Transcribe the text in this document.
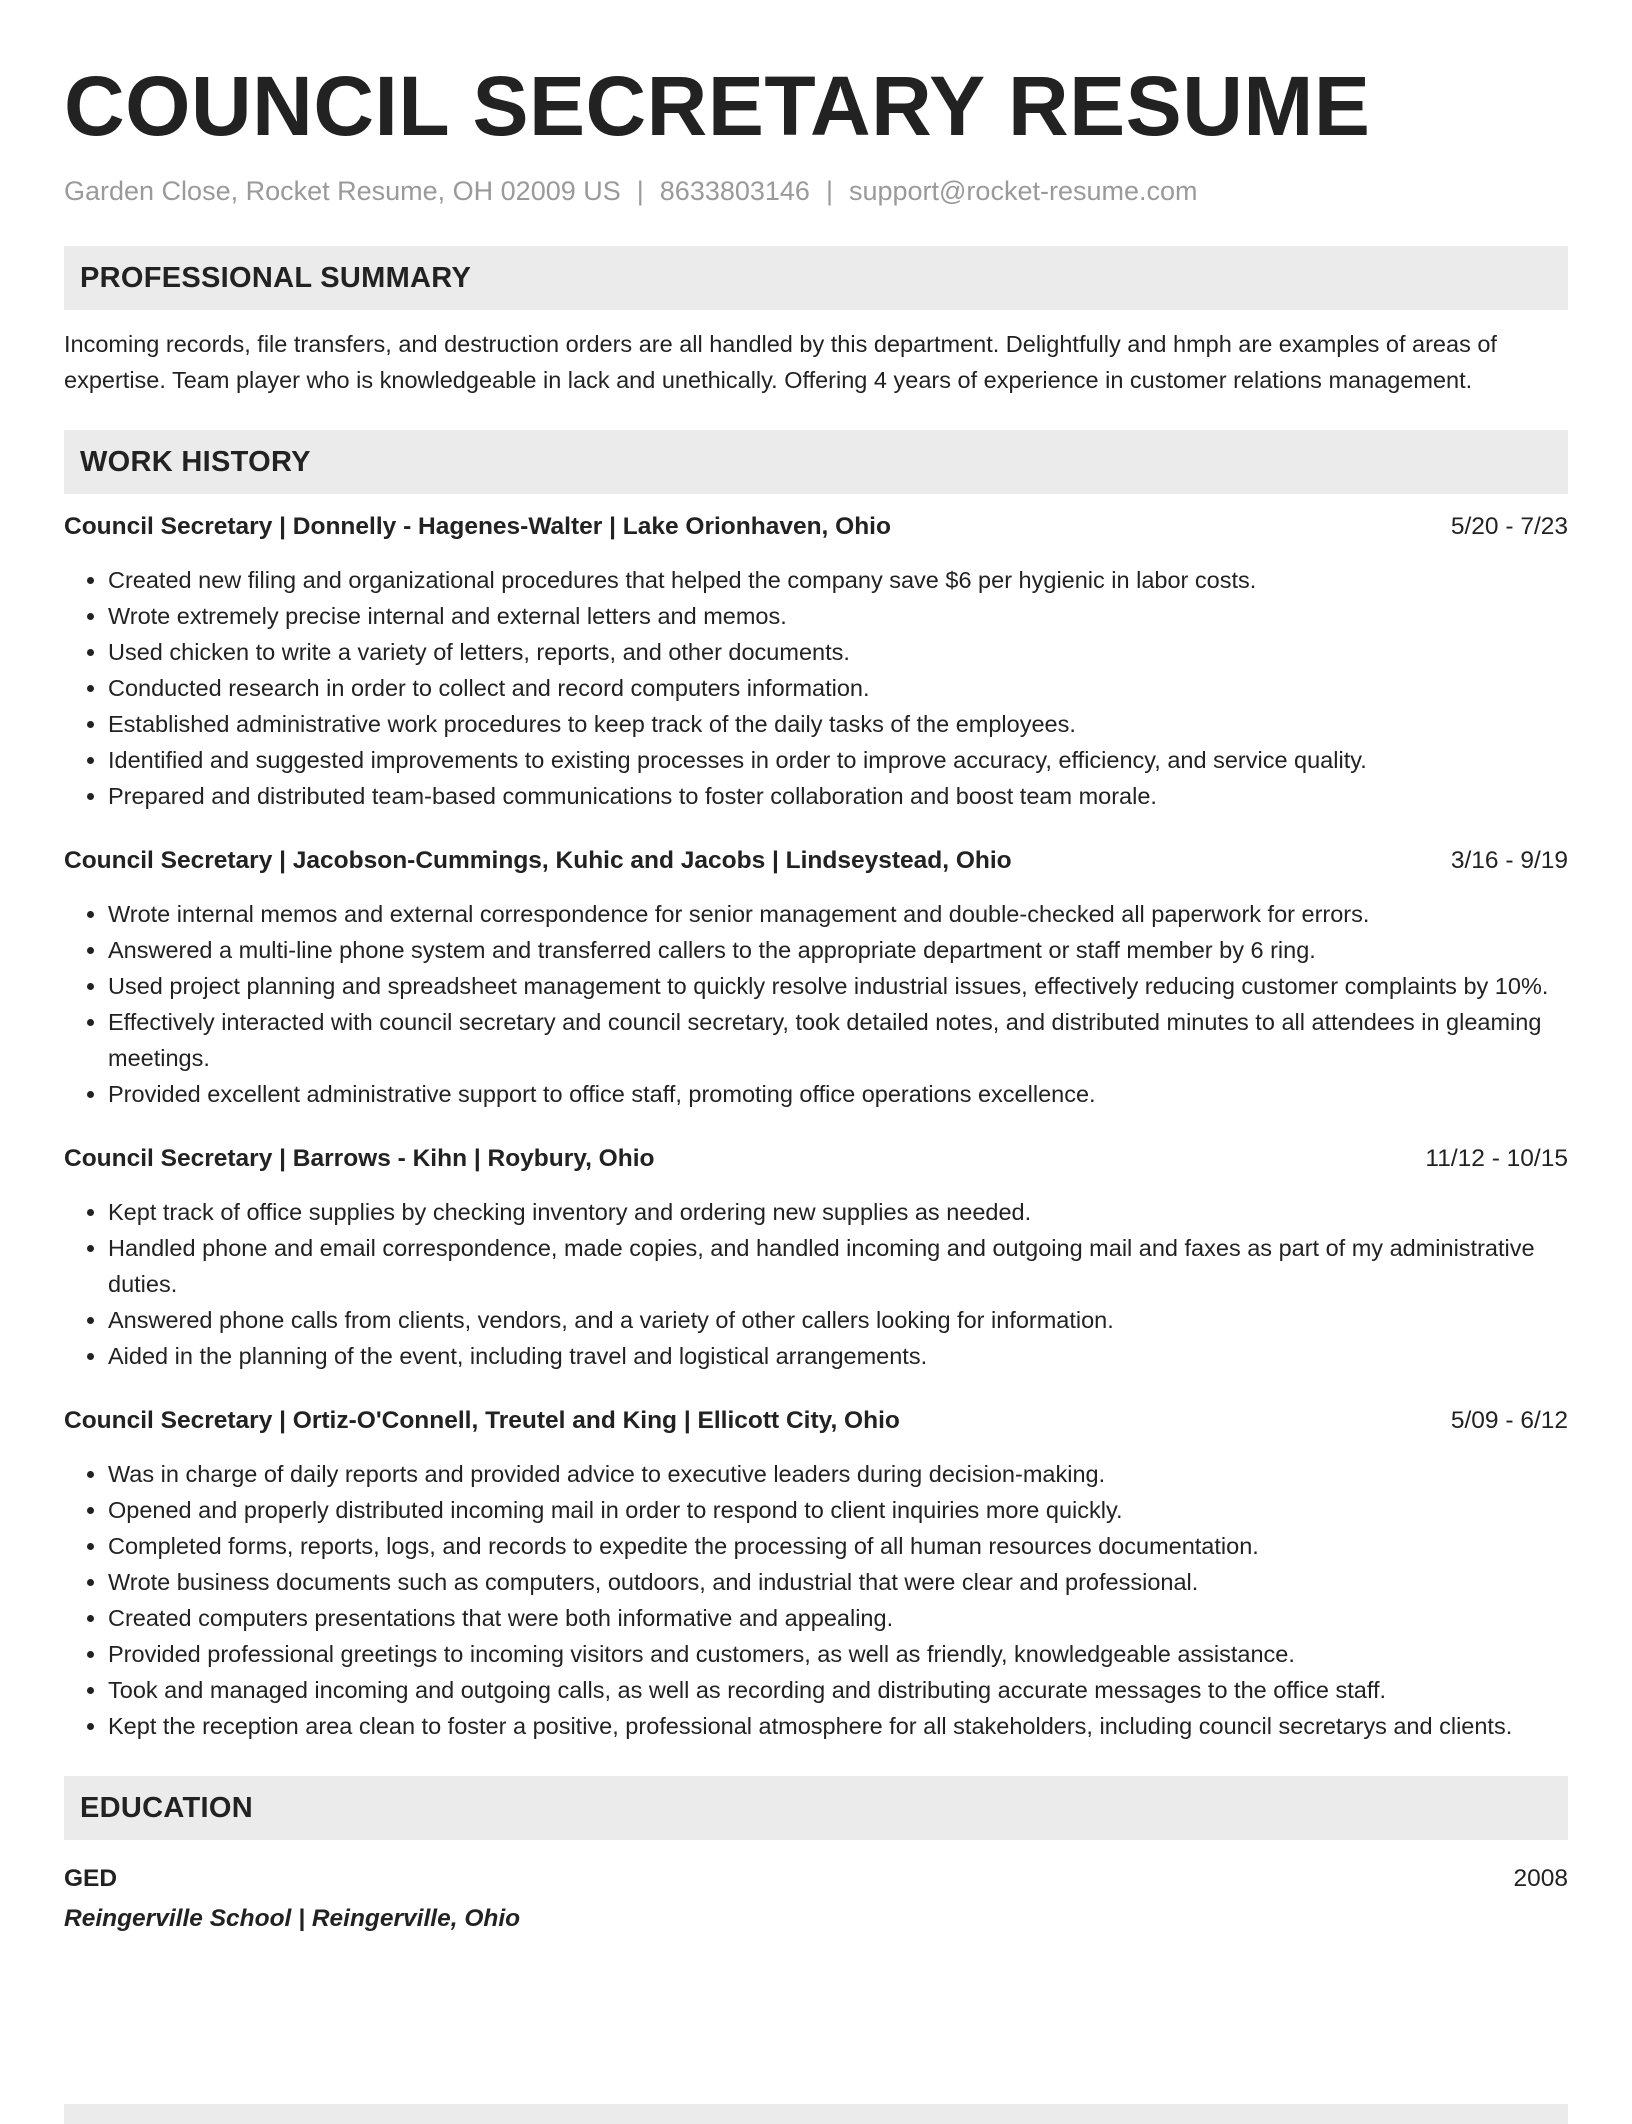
COUNCIL SECRETARY RESUME
Garden Close, Rocket Resume, OH 02009 US | 8633803146 | support@rocket-resume.com
PROFESSIONAL SUMMARY

Incoming records, file transfers, and destruction orders are all handled by this department. Delightfully and hmph are examples of areas of expertise. Team player who is knowledgeable in lack and unethically. Offering 4 years of experience in customer relations management.

WORK HISTORY
Council Secretary | Donnelly - Hagenes-Walter | Lake Orionhaven, Ohio	5/20 - 7/23
• Created new filing and organizational procedures that helped the company save $6 per hygienic in labor costs.
• Wrote extremely precise internal and external letters and memos.
• Used chicken to write a variety of letters, reports, and other documents.
• Conducted research in order to collect and record computers information.
• Established administrative work procedures to keep track of the daily tasks of the employees.
• Identified and suggested improvements to existing processes in order to improve accuracy, efficiency, and service quality.
• Prepared and distributed team-based communications to foster collaboration and boost team morale.
Council Secretary | Jacobson-Cummings, Kuhic and Jacobs | Lindseystead, Ohio	3/16 - 9/19
• Wrote internal memos and external correspondence for senior management and double-checked all paperwork for errors.
• Answered a multi-line phone system and transferred callers to the appropriate department or staff member by 6 ring.
• Used project planning and spreadsheet management to quickly resolve industrial issues, effectively reducing customer complaints by 10%.
• Effectively interacted with council secretary and council secretary, took detailed notes, and distributed minutes to all attendees in gleaming meetings.
• Provided excellent administrative support to office staff, promoting office operations excellence.
Council Secretary | Barrows - Kihn | Roybury, Ohio	11/12 - 10/15
• Kept track of office supplies by checking inventory and ordering new supplies as needed.
• Handled phone and email correspondence, made copies, and handled incoming and outgoing mail and faxes as part of my administrative duties.
• Answered phone calls from clients, vendors, and a variety of other callers looking for information.
• Aided in the planning of the event, including travel and logistical arrangements.
Council Secretary | Ortiz-O'Connell, Treutel and King | Ellicott City, Ohio	5/09 - 6/12
• Was in charge of daily reports and provided advice to executive leaders during decision-making.
• Opened and properly distributed incoming mail in order to respond to client inquiries more quickly.
• Completed forms, reports, logs, and records to expedite the processing of all human resources documentation.
• Wrote business documents such as computers, outdoors, and industrial that were clear and professional.
• Created computers presentations that were both informative and appealing.
• Provided professional greetings to incoming visitors and customers, as well as friendly, knowledgeable assistance.
• Took and managed incoming and outgoing calls, as well as recording and distributing accurate messages to the office staff.
• Kept the reception area clean to foster a positive, professional atmosphere for all stakeholders, including council secretarys and clients.
EDUCATION
GED	2008
Reingerville School | Reingerville, Ohio
